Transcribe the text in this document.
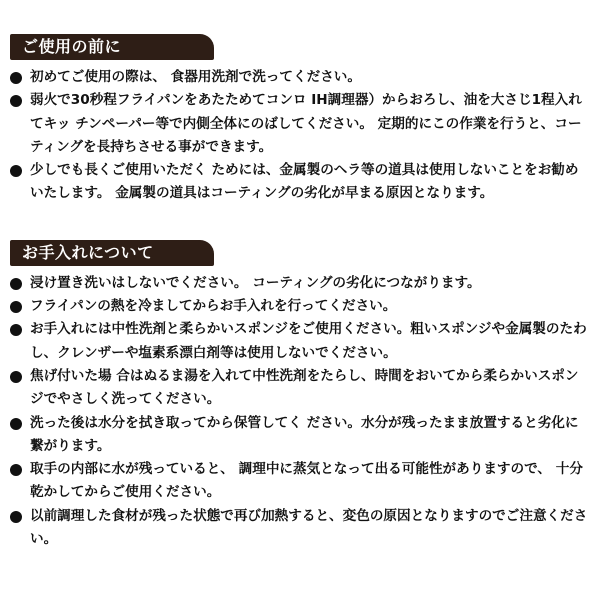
ご使用の前に
初めてご使用の際は、 食器用洗剤で洗ってください。
弱火で30秒程フライパンをあたためてコンロ IH調理器）からおろし、油を大さじ1程入れてキッ チンペーパー等で内側全体にのばしてください。 定期的にこの作業を行うと、コーティングを長持ちさせる事ができます。
少しでも長くご使用いただく ためには、金属製のヘラ等の道具は使用しないことをお勧めいたします。 金属製の道具はコーティングの劣化が早まる原因となります。
お手入れについて
浸け置き洗いはしないでください。 コーティングの劣化につながります。
フライパンの熱を冷ましてからお手入れを行ってください。
お手入れには中性洗剤と柔らかいスポンジをご使用ください。粗いスポンジや金属製のたわし、クレンザーや塩素系漂白剤等は使用しないでください。
焦げ付いた場 合はぬるま湯を入れて中性洗剤をたらし、時間をおいてから柔らかいスポンジでやさしく洗ってください。
洗った後は水分を拭き取ってから保管してく ださい。水分が残ったまま放置すると劣化に繋がります。
取手の内部に水が残っていると、 調理中に蒸気となって出る可能性がありますので、 十分乾かしてからご使用ください。
以前調理した食材が残った状態で再び加熱すると、変色の原因となりますのでご注意ください。
